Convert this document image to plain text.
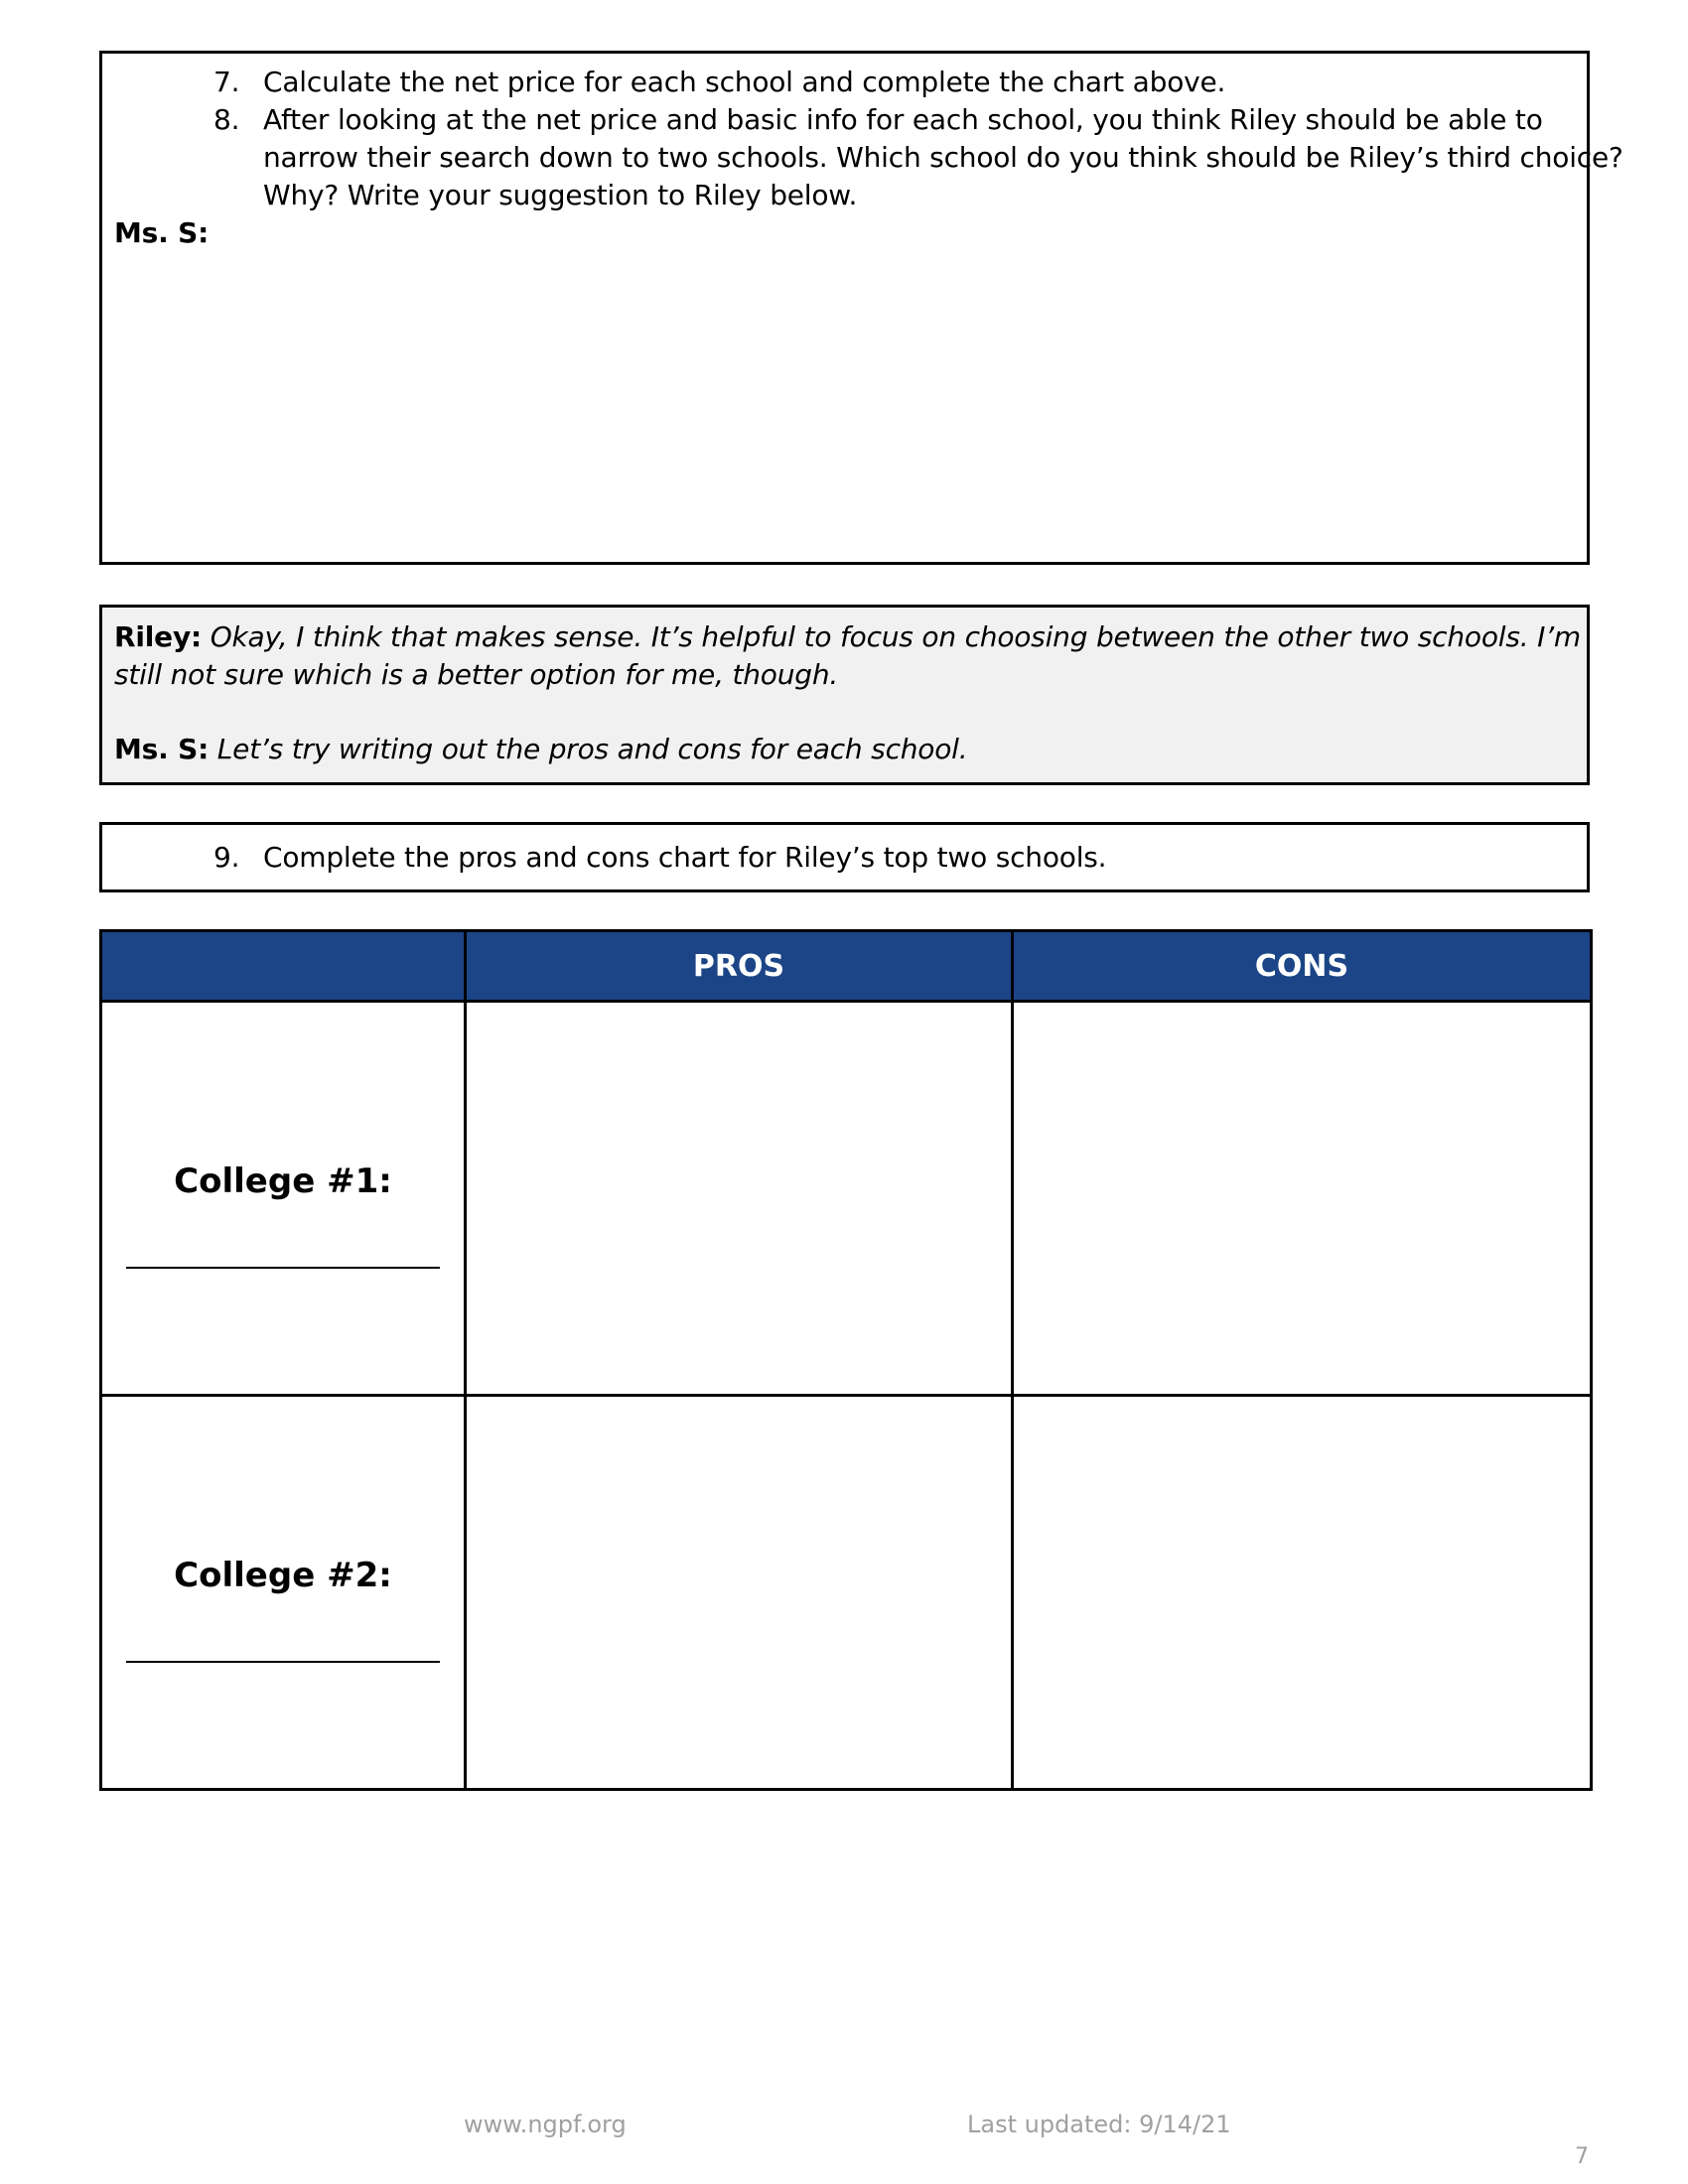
7. Calculate the net price for each school and complete the chart above.
8. After looking at the net price and basic info for each school, you think Riley should be able to
narrow their search down to two schools. Which school do you think should be Riley’s third choice?
Why? Write your suggestion to Riley below.
Ms. S:
Riley: Okay, I think that makes sense. It’s helpful to focus on choosing between the other two schools. I’m
still not sure which is a better option for me, though.
Ms. S: Let’s try writing out the pros and cons for each school.
9. Complete the pros and cons chart for Riley’s top two schools.
	PROS	CONS

College #1:		

College #2:		

www.ngpf.org	Last updated: 9/14/21
7
